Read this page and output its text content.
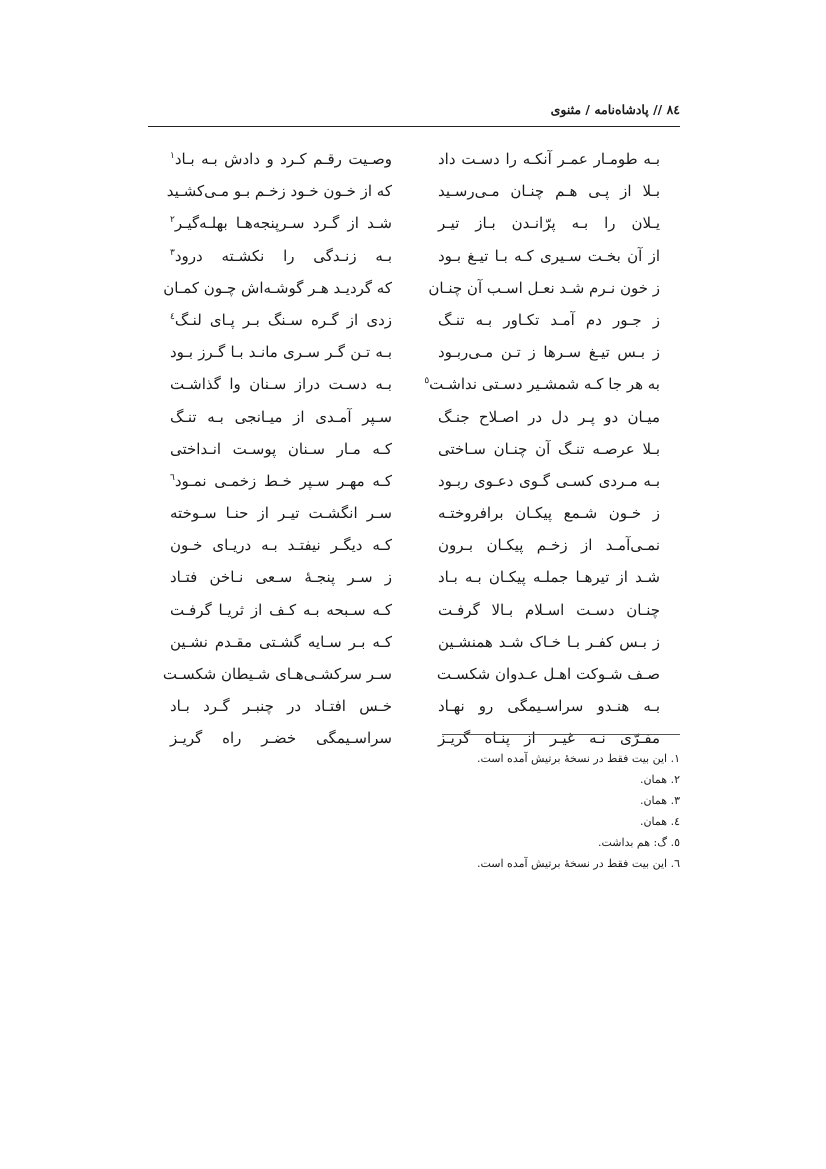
٨٤ // پادشاه‌نامه / مثنوی
بـه طومـار عمـر آنکـه را دسـت داد
وصـيت رقـم کـرد و دادش بـه بـاد$^١$
بـلا از پـی هـم چنـان مـی‌رسـيد
که از خـون خـود زخـم بـو مـی‌کشـيد
يـلان را بـه پرّانـدن بـاز تيـر
شـد از گـرد سـرپنجه‌هـا بهلـه‌گيـر$^٢$
از آن بخـت سـيری کـه بـا تيـغ بـود
بـه زنـدگی را نکشـته درود$^٣$
ز خون نـرم شـد نعـل اسـب آن چنـان
که گرديـد هـر گوشـه‌اش چـون کمـان
ز جـور دم آمـد تکـاور بـه تنـگ
زدی از گـره سـنگ بـر پـای لنـگ$^٤$
ز بـس تيـغ سـرها ز تـن مـی‌ربـود
بـه تـن گـر سـری مانـد بـا گـرز بـود
به هر جا کـه شمشـير دسـتی نداشـت$^٥$
بـه دسـت دراز سـنان وا گذاشـت
ميـان دو پـر دل در اصـلاح جنـگ
سـپر آمـدی از ميـانجی بـه تنـگ
بـلا عرصـه تنـگ آن چنـان سـاختی
کـه مـار سـنان پوسـت انـداختی
بـه مـردی کسـی گـوی دعـوی ربـود
کـه مهـر سـپر خـط زخمـی نمـود$^٦$
ز خـون شـمع پيکـان برافروختـه
سـر انگشـت تيـر از حنـا سـوخته
نمـی‌آمـد از زخـم پيکـان بـرون
کـه ديگـر نيفتـد بـه دريـای خـون
شـد از تيرهـا جملـه پيکـان بـه بـاد
ز سـر پنجـهٔ سـعی نـاخن فتـاد
چنـان دسـت اسـلام بـالا گرفـت
کـه سـبحه بـه کـف از ثريـا گرفـت
ز بـس کفـر بـا خـاک شـد همنشـين
کـه بـر سـايه گشـتی مقـدم نشـين
صـف شـوکت اهـل عـدوان شکسـت
سـر سرکشـی‌هـای شـيطان شکسـت
بـه هنـدو سراسـيمگی رو نهـاد
خـس افتـاد در چنبـر گـرد بـاد
مفـرّی نـه غيـر از پنـاه گريـز
سراسـيمگی خضـر راه گريـز
١. اين بيت فقط در نسخهٔ برتيش آمده است.
٢. همان.
٣. همان.
٤. همان.
٥. گ: هم بداشت.
٦. اين بيت فقط در نسخهٔ برتيش آمده است.
